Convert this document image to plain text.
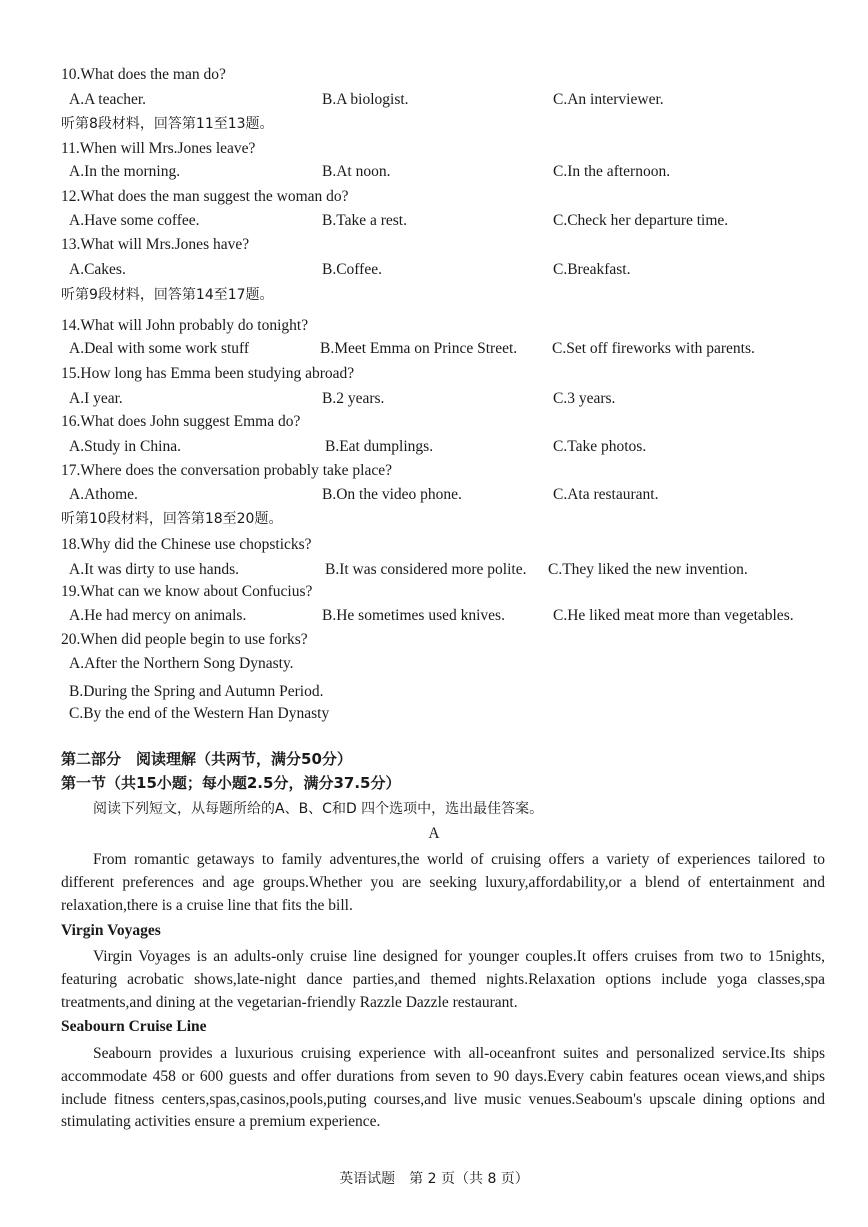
10.What does the man do?
A.A teacher.	B.A biologist.	C.An interviewer.
听第8段材料，回答第11至13题。
11.When will Mrs.Jones leave?
A.In the morning.	B.At noon.	C.In the afternoon.
12.What does the man suggest the woman do?
A.Have some coffee.	B.Take a rest.	C.Check her departure time.
13.What will Mrs.Jones have?
A.Cakes.	B.Coffee.	C.Breakfast.
听第9段材料，回答第14至17题。
14.What will John probably do tonight?
A.Deal with some work stuff	B.Meet Emma on Prince Street. C.Set off fireworks with parents.
15.How long has Emma been studying abroad?
A.I year.	B.2 years.	C.3 years.
16.What does John suggest Emma do?
A.Study in China.	B.Eat dumplings.	C.Take photos.
17.Where does the conversation probably take place?
A.Athome.	B.On the video phone.	C.Ata restaurant.
听第10段材料，回答第18至20题。
18.Why did the Chinese use chopsticks?
A.It was dirty to use hands.	B.It was considered more polite. C.They liked the new invention.
19.What can we know about Confucius?
A.He had mercy on animals.	B.He sometimes used knives.	C.He liked meat more than vegetables.
20.When did people begin to use forks?
A.After the Northern Song Dynasty.
B.During the Spring and Autumn Period.
C.By the end of the Western Han Dynasty
第二部分　阅读理解（共两节，满分50分）
第一节（共15小题；每小题2.5分，满分37.5分）
阅读下列短文，从每题所给的A、B、C和D 四个选项中，选出最佳答案。
A
From romantic getaways to family adventures,the world of cruising offers a variety of experiences tailored to different preferences and age groups.Whether you are seeking luxury,affordability,or a blend of entertainment and relaxation,there is a cruise line that fits the bill.
Virgin Voyages
Virgin Voyages is an adults-only cruise line designed for younger couples.It offers cruises from two to 15nights, featuring acrobatic shows,late-night dance parties,and themed nights.Relaxation options include yoga classes,spa treatments,and dining at the vegetarian-friendly Razzle Dazzle restaurant.
Seabourn Cruise Line
Seabourn provides a luxurious cruising experience with all-oceanfront suites and personalized service.Its ships accommodate 458 or 600 guests and offer durations from seven to 90 days.Every cabin features ocean views,and ships include fitness centers,spas,casinos,pools,puting courses,and live music venues.Seaboum's upscale dining options and stimulating activities ensure a premium experience.
英语试题　第 2 页（共 8 页）
